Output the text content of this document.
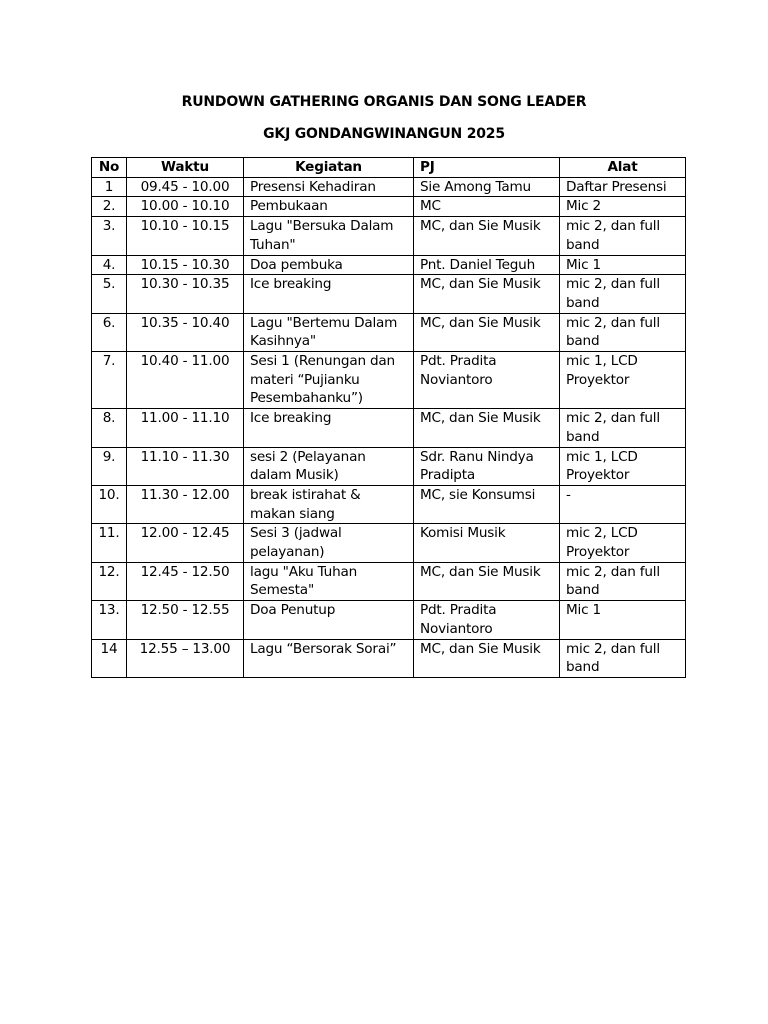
RUNDOWN GATHERING ORGANIS DAN SONG LEADER
GKJ GONDANGWINANGUN 2025
No	Waktu	Kegiatan	PJ	Alat
1	09.45 - 10.00	Presensi Kehadiran	Sie Among Tamu	Daftar Presensi
2.	10.00 - 10.10	Pembukaan	MC	Mic 2
3.	10.10 - 10.15	Lagu "Bersuka Dalam Tuhan"	MC, dan Sie Musik	mic 2, dan full band
4.	10.15 - 10.30	Doa pembuka	Pnt. Daniel Teguh	Mic 1
5.	10.30 - 10.35	Ice breaking	MC, dan Sie Musik	mic 2, dan full band
6.	10.35 - 10.40	Lagu "Bertemu Dalam Kasihnya"	MC, dan Sie Musik	mic 2, dan full band
7.	10.40 - 11.00	Sesi 1 (Renungan dan materi “Pujianku Pesembahanku”)	Pdt. Pradita Noviantoro	mic 1, LCD Proyektor
8.	11.00 - 11.10	Ice breaking	MC, dan Sie Musik	mic 2, dan full band
9.	11.10 - 11.30	sesi 2 (Pelayanan dalam Musik)	Sdr. Ranu Nindya Pradipta	mic 1, LCD Proyektor
10.	11.30 - 12.00	break istirahat & makan siang	MC, sie Konsumsi	-
11.	12.00 - 12.45	Sesi 3 (jadwal pelayanan)	Komisi Musik	mic 2, LCD Proyektor
12.	12.45 - 12.50	lagu "Aku Tuhan Semesta"	MC, dan Sie Musik	mic 2, dan full band
13.	12.50 - 12.55	Doa Penutup	Pdt. Pradita Noviantoro	Mic 1
14	12.55 – 13.00	Lagu “Bersorak Sorai”	MC, dan Sie Musik	mic 2, dan full band
